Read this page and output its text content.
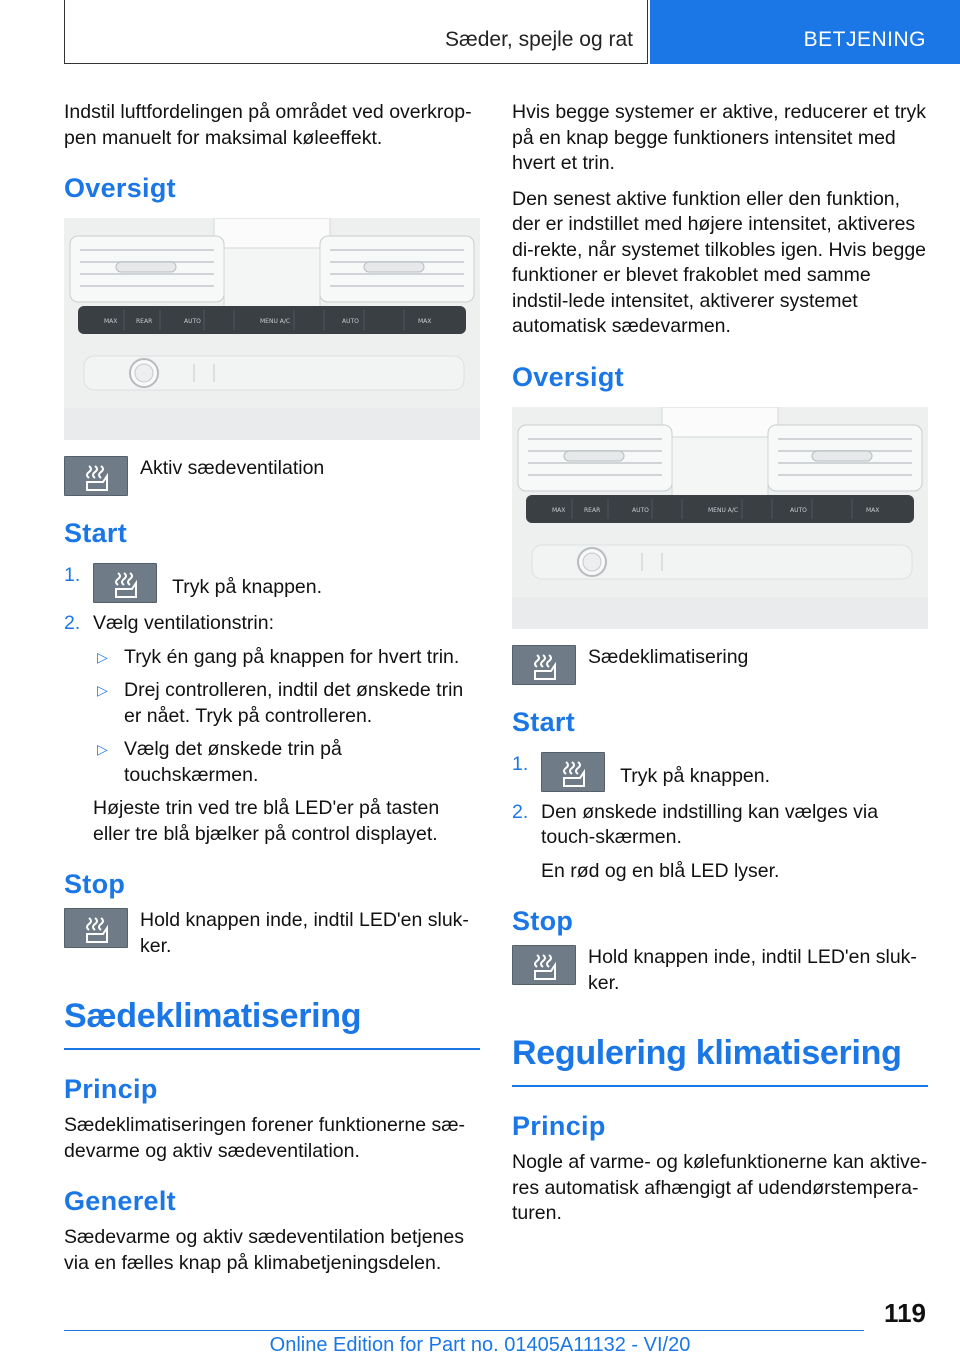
Sæder, spejle og rat	BETJENING

Indstil luftfordelingen på området ved overkrop-pen manuelt for maksimal køleeffekt.

Oversigt
MAX	REAR	AUTO	MENU A/C	AUTO	MAX

Aktiv sædeventilation

Start
1.
Tryk på knappen.
2. Vælg ventilationstrin:
▷ Tryk én gang på knappen for hvert trin.
▷ Drej controlleren, indtil det ønskede trin er nået. Tryk på controlleren.
▷ Vælg det ønskede trin på touchskærmen.
Højeste trin ved tre blå LED'er på tasten eller tre blå bjælker på control displayet.
Stop

Hold knappen inde, indtil LED'en sluk-ker.

Sædeklimatisering
Princip

Sædeklimatiseringen forener funktionerne sæ-devarme og aktiv sædeventilation.

Generelt

Sædevarme og aktiv sædeventilation betjenes via en fælles knap på klimabetjeningsdelen.

Hvis begge systemer er aktive, reducerer et tryk på en knap begge funktioners intensitet med hvert et trin.

Den senest aktive funktion eller den funktion, der er indstillet med højere intensitet, aktiveres di-rekte, når systemet tilkobles igen. Hvis begge funktioner er blevet frakoblet med samme indstil-lede intensitet, aktiverer systemet automatisk sædevarmen.

Oversigt
MAX	REAR	AUTO	MENU A/C	AUTO	MAX

Sædeklimatisering

Start
1.
Tryk på knappen.
2. Den ønskede indstilling kan vælges via touch-skærmen.
En rød og en blå LED lyser.
Stop

Hold knappen inde, indtil LED'en sluk-ker.

Regulering klimatisering
Princip

Nogle af varme- og kølefunktionerne kan aktive-res automatisk afhængigt af udendørstempera-turen.

119
Online Edition for Part no. 01405A11132 - VI/20
